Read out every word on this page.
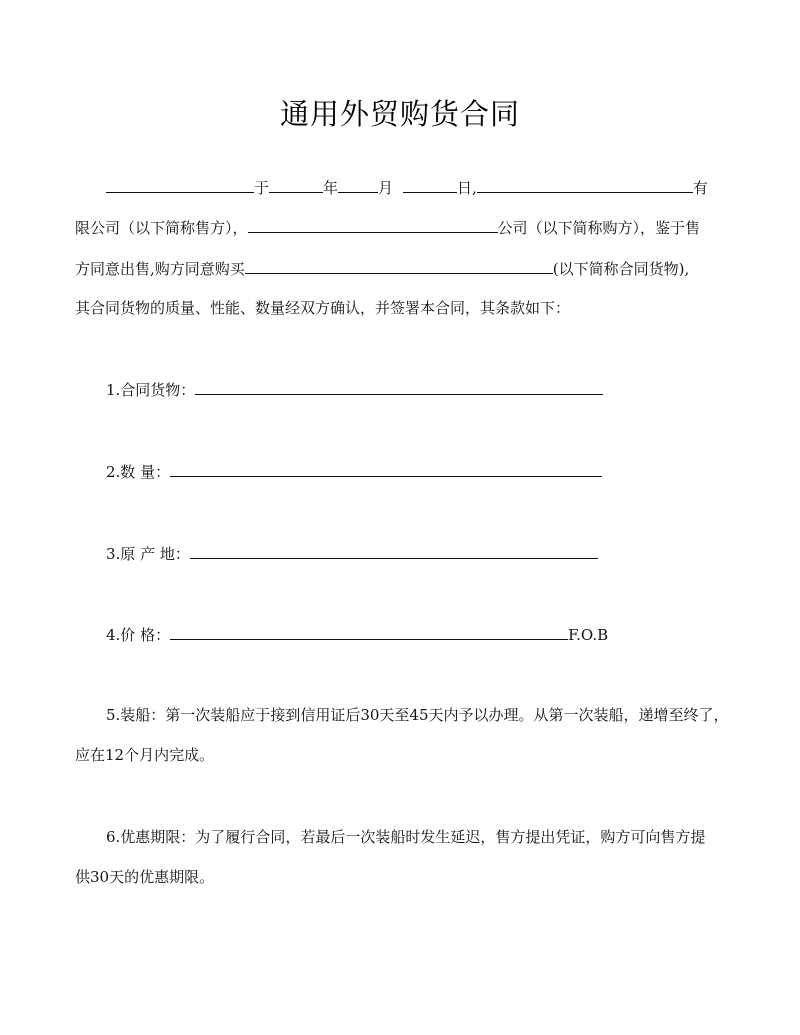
通用外贸购货合同
于	年	月	日,	有
限公司（以下简称售方），	公司（以下简称购方），鉴于售
方同意出售,购方同意购买	(以下简称合同货物),
其合同货物的质量、性能、数量经双方确认，并签署本合同，其条款如下：
1.合同货物：
2.数 量：
3.原 产 地：
4.价 格：	F.O.B
5.装船：第一次装船应于接到信用证后30天至45天内予以办理。从第一次装船，递增至终了，
应在12个月内完成。
6.优惠期限：为了履行合同，若最后一次装船时发生延迟，售方提出凭证，购方可向售方提
供30天的优惠期限。
